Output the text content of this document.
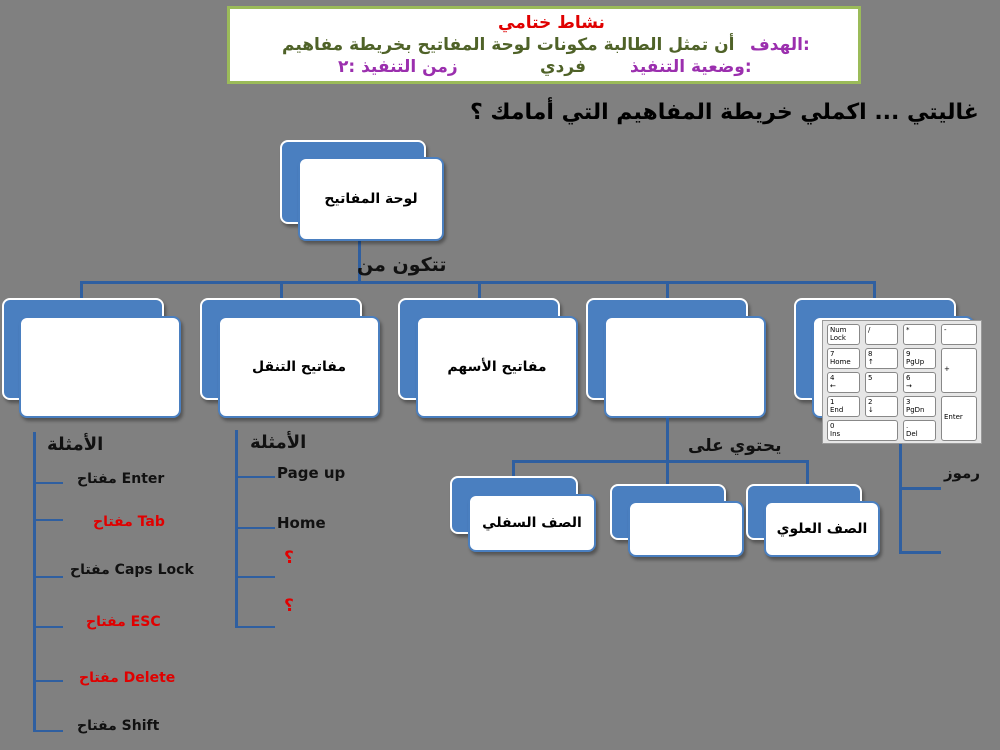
نشاط ختامي
الهدف:
أن تمثل الطالبة مكونات لوحة المفاتيح بخريطة مفاهيم
وضعية التنفيذ:
فردي
زمن التنفيذ :٢
غاليتي ... اكملي خريطة المفاهيم التي أمامك ؟
لوحة المفاتيح
تتكون من
مفاتيح التنقل	مفاتيح الأسهم
Num
Lock
/	*	-

7
Home
8
↑
9
PgUp
+

4
←
5	6
→
1
End
2
↓
3
PgDn
Enter

0
Ins
.
Del
رموز
يحتوي على
الصف السفلي	الصف العلوي
الأمثلة
مفتاح Enter
مفتاح Tab
مفتاح Caps Lock
مفتاح ESC
مفتاح Delete
مفتاح Shift
الأمثلة
Page up
Home
؟
؟
